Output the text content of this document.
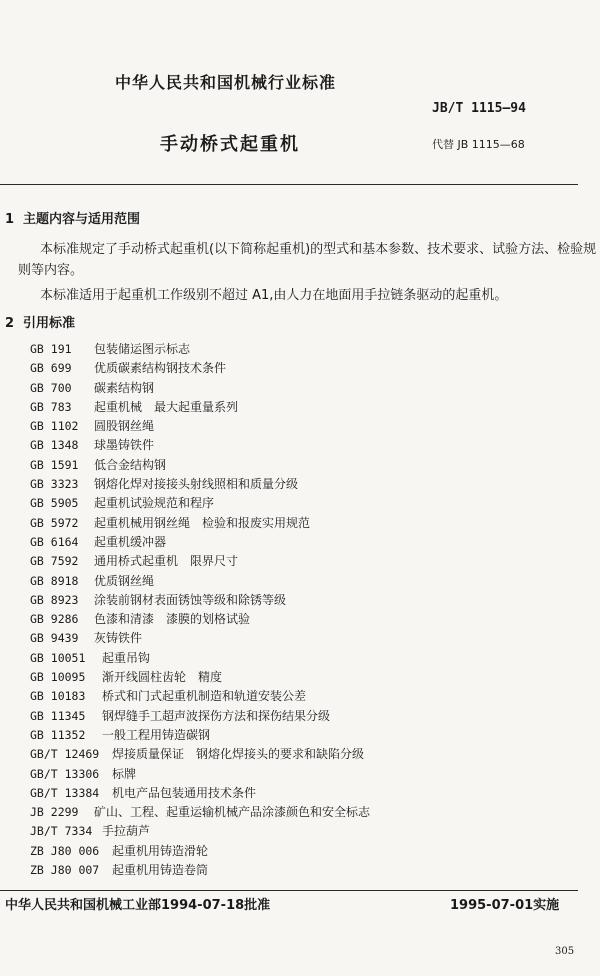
中华人民共和国机械行业标准
JB/T 1115—94
手动桥式起重机	代替 JB 1115—68
1 主题内容与适用范围
本标准规定了手动桥式起重机(以下简称起重机)的型式和基本参数、技术要求、试验方法、检验规
则等内容。
本标准适用于起重机工作级别不超过 A1,由人力在地面用手拉链条驱动的起重机。
2 引用标准
GB 191 包装储运图示标志
GB 699 优质碳素结构钢技术条件
GB 700 碳素结构钢
GB 783 起重机械　最大起重量系列
GB 1102 圆股钢丝绳
GB 1348 球墨铸铁件
GB 1591 低合金结构钢
GB 3323 钢熔化焊对接接头射线照相和质量分级
GB 5905 起重机试验规范和程序
GB 5972 起重机械用钢丝绳　检验和报废实用规范
GB 6164 起重机缓冲器
GB 7592 通用桥式起重机　限界尺寸
GB 8918 优质钢丝绳
GB 8923 涂装前钢材表面锈蚀等级和除锈等级
GB 9286 色漆和清漆　漆膜的划格试验
GB 9439 灰铸铁件
GB 10051 起重吊钩
GB 10095 渐开线圆柱齿轮　精度
GB 10183 桥式和门式起重机制造和轨道安装公差
GB 11345 钢焊缝手工超声波探伤方法和探伤结果分级
GB 11352 一般工程用铸造碳钢
GB/T 12469 焊接质量保证　钢熔化焊接头的要求和缺陷分级
GB/T 13306 标牌
GB/T 13384 机电产品包装通用技术条件
JB 2299 矿山、工程、起重运输机械产品涂漆颜色和安全标志
JB/T 7334 手拉葫芦
ZB J80 006 起重机用铸造滑轮
ZB J80 007 起重机用铸造卷筒
中华人民共和国机械工业部1994-07-18批准	1995-07-01实施
305
